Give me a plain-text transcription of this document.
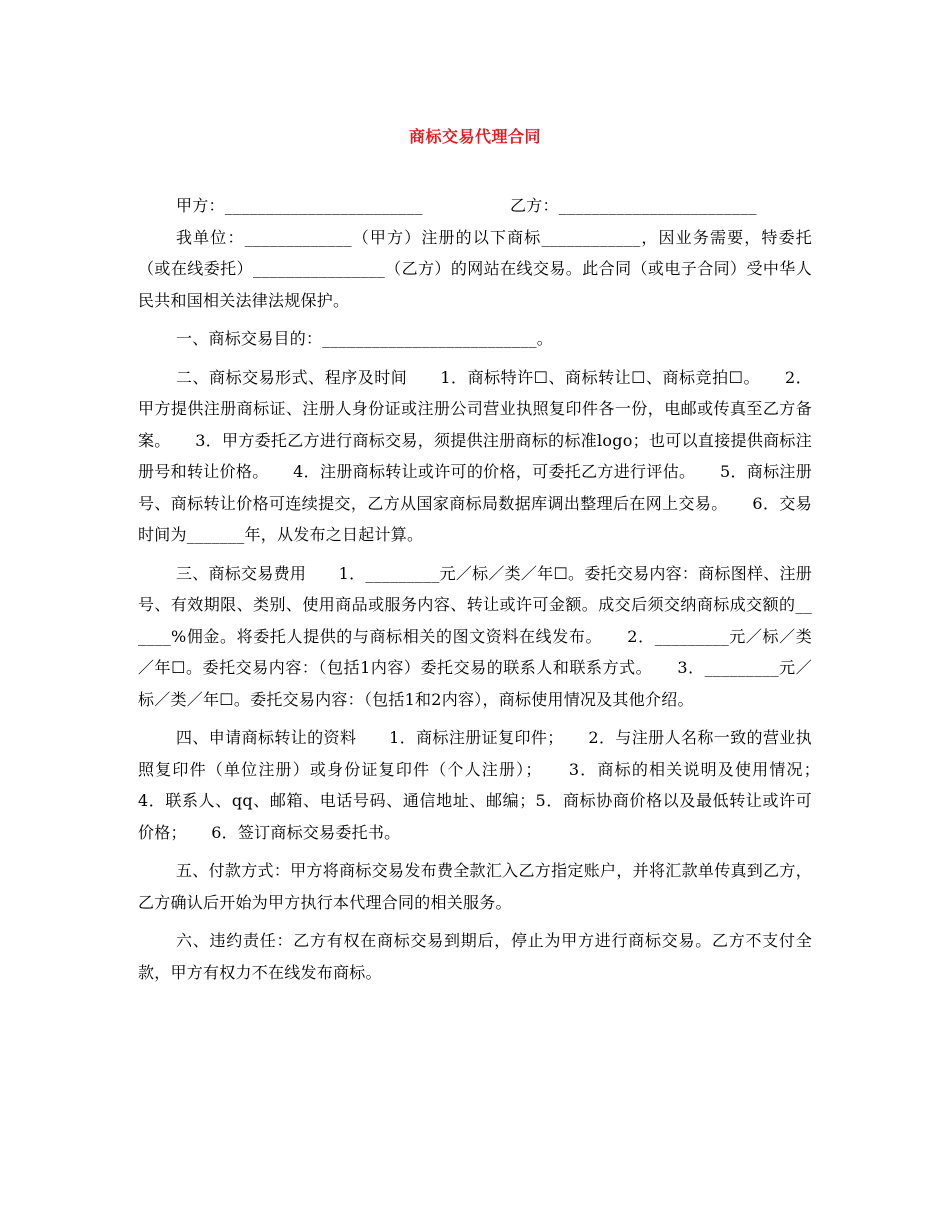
商标交易代理合同
甲方：________________________	乙方：________________________

我单位：_____________（甲方）注册的以下商标____________，因业务需要，特委托（或在线委托）________________（乙方）的网站在线交易。此合同（或电子合同）受中华人民共和国相关法律法规保护。

一、商标交易目的：__________________________。

二、商标交易形式、程序及时间　　1．商标特许☐、商标转让☐、商标竞拍☐。　　2．甲方提供注册商标证、注册人身份证或注册公司营业执照复印件各一份，电邮或传真至乙方备案。　　3．甲方委托乙方进行商标交易，须提供注册商标的标准logo；也可以直接提供商标注册号和转让价格。　　4．注册商标转让或许可的价格，可委托乙方进行评估。　　5．商标注册号、商标转让价格可连续提交，乙方从国家商标局数据库调出整理后在网上交易。　　6．交易时间为_______年，从发布之日起计算。

三、商标交易费用　　1．_________元／标／类／年☐。委托交易内容：商标图样、注册号、有效期限、类别、使用商品或服务内容、转让或许可金额。成交后须交纳商标成交额的______%佣金。将委托人提供的与商标相关的图文资料在线发布。　　2．_________元／标／类／年☐。委托交易内容：（包括1内容）委托交易的联系人和联系方式。　　3．_________元／标／类／年☐。委托交易内容：（包括1和2内容），商标使用情况及其他介绍。

四、申请商标转让的资料　　1．商标注册证复印件；　　2．与注册人名称一致的营业执照复印件（单位注册）或身份证复印件（个人注册）；　　3．商标的相关说明及使用情况；　　4．联系人、qq、邮箱、电话号码、通信地址、邮编；5．商标协商价格以及最低转让或许可价格；　　6．签订商标交易委托书。

五、付款方式：甲方将商标交易发布费全款汇入乙方指定账户，并将汇款单传真到乙方，乙方确认后开始为甲方执行本代理合同的相关服务。

六、违约责任：乙方有权在商标交易到期后，停止为甲方进行商标交易。乙方不支付全款，甲方有权力不在线发布商标。
